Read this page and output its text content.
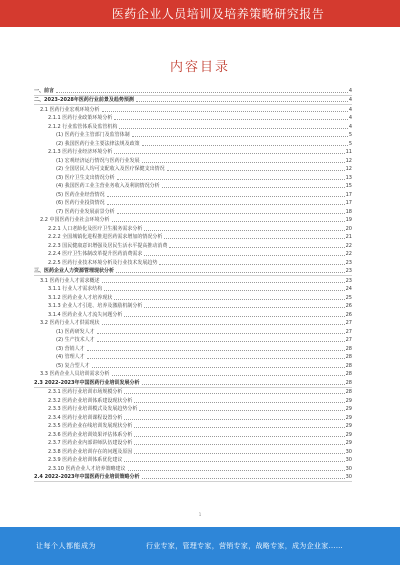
医药企业人员培训及培养策略研究报告
内容目录
一、前言	4
二、2023-2028年医药行业前景及趋势预测	4
2.1 医药行业宏观环境分析	4
2.1.1 医药行业政策环境分析	4
2.1.2 行业监管体系及监管机构	4
(1) 医药行业主管部门及监管体制	5
(2) 我国医药行业主要法律法规及政策	5
2.1.3 医药行业经济环境分析	11
(1) 宏观经济运行情况与医药行业发展	12
(2) 全国居民人均可支配收入及医疗保健支出情况	12
(3) 医疗卫生支出情况分析	13
(4) 我国医药工业主营业务收入及利润情况分析	15
(5) 医药企业经营情况	17
(6) 医药行业投资情况	17
(7) 医药行业发展前景分析	18
2.2 中国医药行业社会环境分析	19
2.2.1 人口老龄化及医疗卫生服务需求分析	20
2.2.2 全国城镇化进程推进医药需求增加的情况分析	21
2.2.3 国民健康意识增强及居民生活水平提高推动消费	22
2.2.4 医疗卫生体制改革提升医药消费需求	22
2.2.5 医药行业技术环境分析及行业技术发展趋势	23
三、医药企业人力资源管理现状分析	23
3.1 医药行业人才需求概述	23
3.1.1 行业人才需求结构	24
3.1.2 医药企业人才培养现状	25
3.1.3 企业人才引进、培养及激励机制分析	26
3.1.4 医药企业人才流失问题分析	26
3.2 医药行业人才供需现状	27
(1) 医药研发人才	27
(2) 生产技术人才	27
(3) 营销人才	28
(4) 管理人才	28
(5) 复合型人才	28
3.3 医药企业人员培训需求分析	28
2.3 2022-2023年中国医药行业培训发展分析	28
2.3.1 医药行业培训市场规模分析	28
2.3.2 医药企业培训体系建设现状分析	29
2.3.3 医药行业培训模式及发展趋势分析	29
2.3.4 医药行业培训课程设置分析	29
2.3.5 医药企业在线培训发展现状分析	29
2.3.6 医药企业培训效果评估体系分析	29
2.3.7 医药企业内部讲师队伍建设分析	29
2.3.8 医药企业培训存在的问题及原因	30
2.3.9 医药企业培训体系优化建议	30
2.3.10 医药企业人才培养策略建议	30
2.4 2022-2023年中国医药行业培训策略分析	30
1
让每个人都能成为	行业专家，管理专家，营销专家，战略专家，成为企业家……
